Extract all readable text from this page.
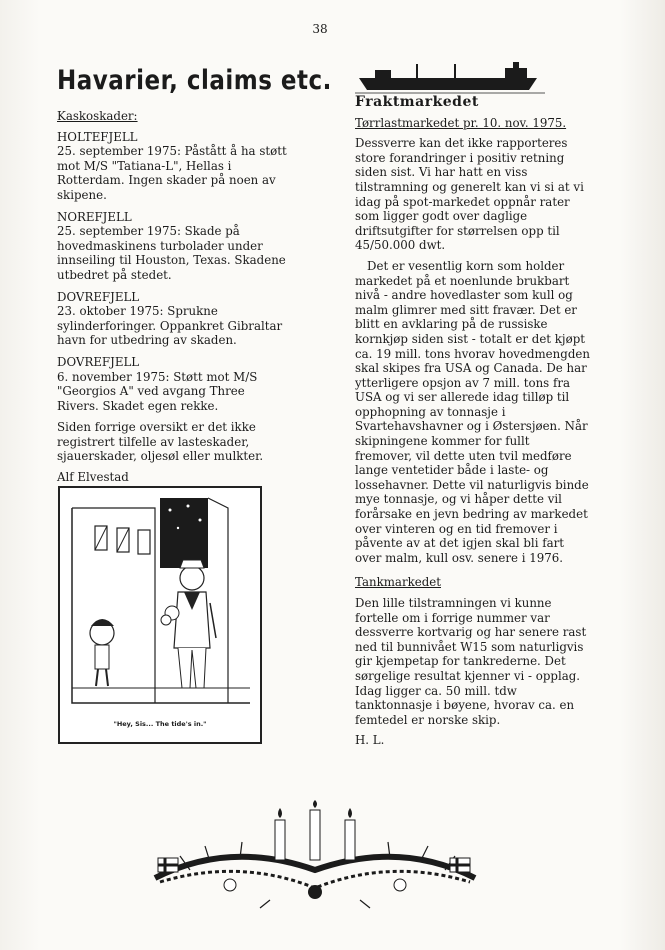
38
Havarier, claims etc.
Kaskoskader:
HOLTEFJELL
25. september 1975: Påstått å ha støtt mot M/S "Tatiana-L", Hellas i Rotterdam. Ingen skader på noen av skipene.
NOREFJELL
25. september 1975: Skade på hovedmaskinens turbolader under innseiling til Houston, Texas. Skadene utbedret på stedet.
DOVREFJELL
23. oktober 1975: Sprukne sylinderforinger. Oppankret Gibraltar havn for utbedring av skaden.
DOVREFJELL
6. november 1975: Støtt mot M/S "Georgios A" ved avgang Three Rivers. Skadet egen rekke.

Siden forrige oversikt er det ikke registrert tilfelle av lasteskader, sjauerskader, oljesøl eller mulkter.

Alf Elvestad

"Hey, Sis... The tide's in."
Fraktmarkedet
Tørrlastmarkedet pr. 10. nov. 1975.

Dessverre kan det ikke rapporteres store forandringer i positiv retning siden sist. Vi har hatt en viss tilstramning og generelt kan vi si at vi idag på spot-markedet oppnår rater som ligger godt over daglige driftsutgifter for størrelsen opp til 45/50.000 dwt.

Det er vesentlig korn som holder markedet på et noenlunde brukbart nivå - andre hovedlaster som kull og malm glimrer med sitt fravær. Det er blitt en avklaring på de russiske kornkjøp siden sist - totalt er det kjøpt ca. 19 mill. tons hvorav hovedmengden skal skipes fra USA og Canada. De har ytterligere opsjon av 7 mill. tons fra USA og vi ser allerede idag tilløp til opphopning av tonnasje i Svartehavshavner og i Østersjøen. Når skipningene kommer for fullt fremover, vil dette uten tvil medføre lange ventetider både i laste- og lossehavner. Dette vil naturligvis binde mye tonnasje, og vi håper dette vil forårsake en jevn bedring av markedet over vinteren og en tid fremover i påvente av at det igjen skal bli fart over malm, kull osv. senere i 1976.

Tankmarkedet

Den lille tilstramningen vi kunne fortelle om i forrige nummer var dessverre kortvarig og har senere rast ned til bunnivået W15 som naturligvis gir kjempetap for tankrederne. Det sørgelige resultat kjenner vi - opplag. Idag ligger ca. 50 mill. tdw tanktonnasje i bøyene, hvorav ca. en femtedel er norske skip.

H. L.
